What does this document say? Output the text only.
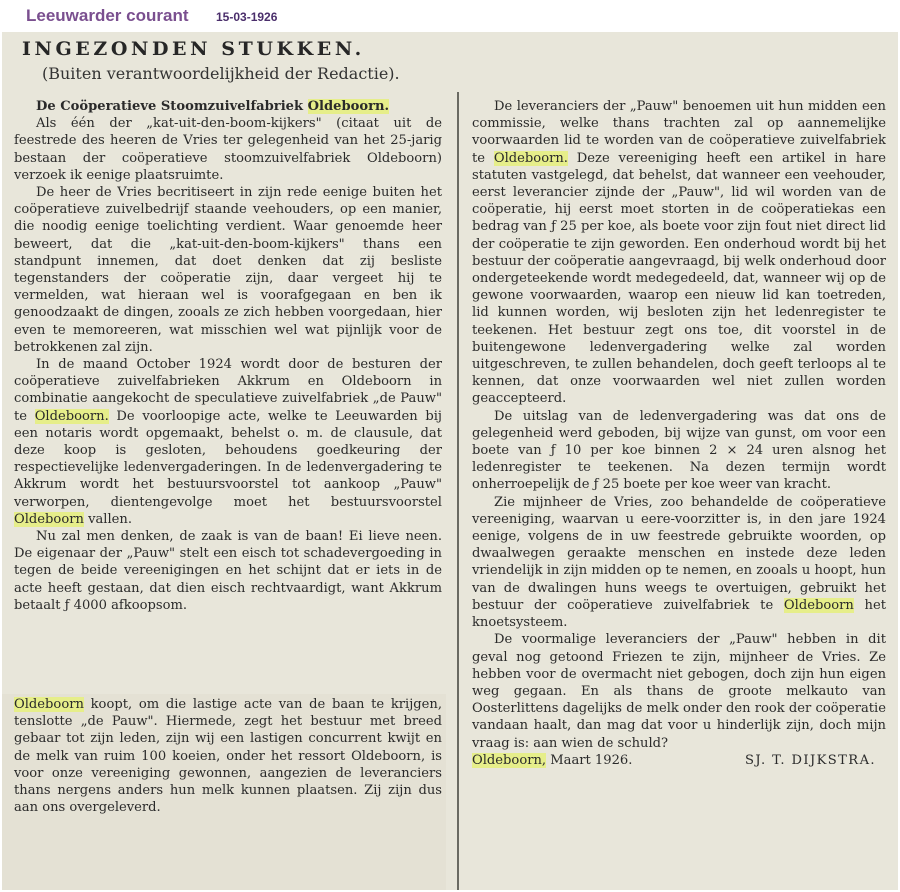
Leeuwarder courant 15-03-1926
INGEZONDEN STUKKEN.
(Buiten verantwoordelijkheid der Redactie).

De Coöperatieve Stoomzuivelfabriek Oldeboorn.

Als één der „kat-uit-den-boom-kijkers" (citaat uit de feestrede des heeren de Vries ter gelegenheid van het 25-jarig bestaan der coöperatieve stoomzuivelfabriek Oldeboorn) verzoek ik eenige plaatsruimte.

De heer de Vries becritiseert in zijn rede eenige buiten het coöperatieve zuivelbedrijf staande veehouders, op een manier, die noodig eenige toelichting verdient. Waar genoemde heer beweert, dat die „kat-uit-den-boom-kijkers" thans een standpunt innemen, dat doet denken dat zij besliste tegenstanders der coöperatie zijn, daar vergeet hij te vermelden, wat hieraan wel is voorafgegaan en ben ik genoodzaakt de dingen, zooals ze zich hebben voorgedaan, hier even te memoreeren, wat misschien wel wat pijnlijk voor de betrokkenen zal zijn.

In de maand October 1924 wordt door de besturen der coöperatieve zuivelfabrieken Akkrum en Oldeboorn in combinatie aangekocht de speculatieve zuivelfabriek „de Pauw" te Oldeboorn. De voorloopige acte, welke te Leeuwarden bij een notaris wordt opgemaakt, behelst o. m. de clausule, dat deze koop is gesloten, behoudens goedkeuring der respectievelijke ledenvergaderingen. In de ledenvergadering te Akkrum wordt het bestuursvoorstel tot aankoop „Pauw" verworpen, dientengevolge moet het bestuursvoorstel Oldeboorn vallen.

Nu zal men denken, de zaak is van de baan! Ei lieve neen. De eigenaar der „Pauw" stelt een eisch tot schadevergoeding in tegen de beide vereenigingen en het schijnt dat er iets in de acte heeft gestaan, dat dien eisch rechtvaardigt, want Akkrum betaalt ƒ 4000 afkoopsom.

Oldeboorn koopt, om die lastige acte van de baan te krijgen, tenslotte „de Pauw". Hiermede, zegt het bestuur met breed gebaar tot zijn leden, zijn wij een lastigen concurrent kwijt en de melk van ruim 100 koeien, onder het ressort Oldeboorn, is voor onze vereeniging gewonnen, aangezien de leveranciers thans nergens anders hun melk kunnen plaatsen. Zij zijn dus aan ons overgeleverd.

De leveranciers der „Pauw" benoemen uit hun midden een commissie, welke thans trachten zal op aannemelijke voorwaarden lid te worden van de coöperatieve zuivelfabriek te Oldeboorn. Deze vereeniging heeft een artikel in hare statuten vastgelegd, dat behelst, dat wanneer een veehouder, eerst leverancier zijnde der „Pauw", lid wil worden van de coöperatie, hij eerst moet storten in de coöperatiekas een bedrag van ƒ 25 per koe, als boete voor zijn fout niet direct lid der coöperatie te zijn geworden. Een onderhoud wordt bij het bestuur der coöperatie aangevraagd, bij welk onderhoud door ondergeteekende wordt medegedeeld, dat, wanneer wij op de gewone voorwaarden, waarop een nieuw lid kan toetreden, lid kunnen worden, wij besloten zijn het ledenregister te teekenen. Het bestuur zegt ons toe, dit voorstel in de buitengewone ledenvergadering welke zal worden uitgeschreven, te zullen behandelen, doch geeft terloops al te kennen, dat onze voorwaarden wel niet zullen worden geaccepteerd.

De uitslag van de ledenvergadering was dat ons de gelegenheid werd geboden, bij wijze van gunst, om voor een boete van ƒ 10 per koe binnen 2 × 24 uren alsnog het ledenregister te teekenen. Na dezen termijn wordt onherroepelijk de ƒ 25 boete per koe weer van kracht.

Zie mijnheer de Vries, zoo behandelde de coöperatieve vereeniging, waarvan u eere-voorzitter is, in den jare 1924 eenige, volgens de in uw feestrede gebruikte woorden, op dwaalwegen geraakte menschen en instede deze leden vriendelijk in zijn midden op te nemen, en zooals u hoopt, hun van de dwalingen huns weegs te overtuigen, gebruikt het bestuur der coöperatieve zuivelfabriek te Oldeboorn het knoetsysteem.

De voormalige leveranciers der „Pauw" hebben in dit geval nog getoond Friezen te zijn, mijnheer de Vries. Ze hebben voor de overmacht niet gebogen, doch zijn hun eigen weg gegaan. En als thans de groote melkauto van Oosterlittens dagelijks de melk onder den rook der coöperatie vandaan haalt, dan mag dat voor u hinderlijk zijn, doch mijn vraag is: aan wien de schuld?

Oldeboorn, Maart 1926.	SJ. T. DIJKSTRA.
